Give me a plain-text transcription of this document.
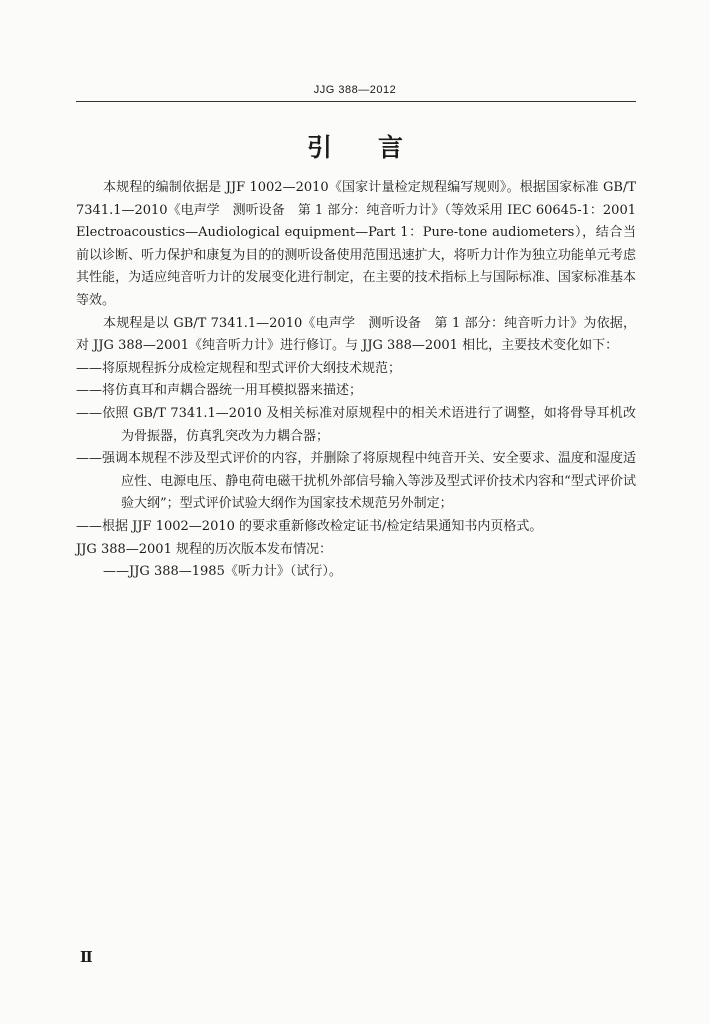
JJG 388—2012
引言

本规程的编制依据是 JJF 1002—2010《国家计量检定规程编写规则》。根据国家标准 GB/T 7341.1—2010《电声学　测听设备　第 1 部分：纯音听力计》（等效采用 IEC 60645-1：2001　Electroacoustics—Audiological equipment—Part 1：Pure-tone audiometers），结合当前以诊断、听力保护和康复为目的的测听设备使用范围迅速扩大，将听力计作为独立功能单元考虑其性能，为适应纯音听力计的发展变化进行制定，在主要的技术指标上与国际标准、国家标准基本等效。

本规程是以 GB/T 7341.1—2010《电声学　测听设备　第 1 部分：纯音听力计》为依据，对 JJG 388—2001《纯音听力计》进行修订。与 JJG 388—2001 相比，主要技术变化如下：

——将原规程拆分成检定规程和型式评价大纲技术规范；

——将仿真耳和声耦合器统一用耳模拟器来描述；

——依照 GB/T 7341.1—2010 及相关标准对原规程中的相关术语进行了调整，如将骨导耳机改为骨振器，仿真乳突改为力耦合器；

——强调本规程不涉及型式评价的内容，并删除了将原规程中纯音开关、安全要求、温度和湿度适应性、电源电压、静电荷电磁干扰机外部信号输入等涉及型式评价技术内容和“型式评价试验大纲”；型式评价试验大纲作为国家技术规范另外制定；

——根据 JJF 1002—2010 的要求重新修改检定证书/检定结果通知书内页格式。

JJG 388—2001 规程的历次版本发布情况：

——JJG 388—1985《听力计》（试行）。

Ⅱ
